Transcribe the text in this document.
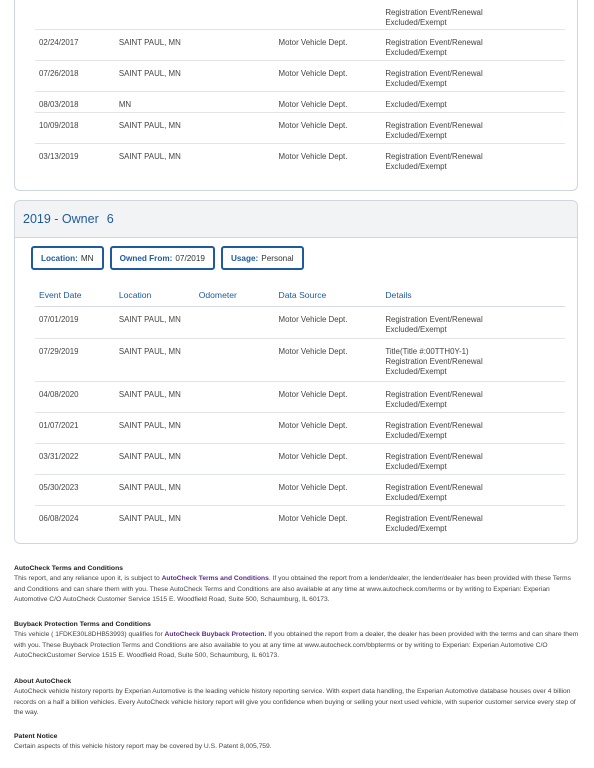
Registration Event/Renewal
Excluded/Exempt
02/24/2017	SAINT PAUL, MN	Motor Vehicle Dept.	Registration Event/Renewal
Excluded/Exempt
07/26/2018	SAINT PAUL, MN	Motor Vehicle Dept.	Registration Event/Renewal
Excluded/Exempt
08/03/2018	MN	Motor Vehicle Dept.	Excluded/Exempt
10/09/2018	SAINT PAUL, MN	Motor Vehicle Dept.	Registration Event/Renewal
Excluded/Exempt
03/13/2019	SAINT PAUL, MN	Motor Vehicle Dept.	Registration Event/Renewal
Excluded/Exempt
2019 - Owner 6
Location: MN	Owned From: 07/2019	Usage: Personal
Event Date	Location	Odometer	Data Source	Details
07/01/2019	SAINT PAUL, MN	Motor Vehicle Dept.	Registration Event/Renewal
Excluded/Exempt
07/29/2019	SAINT PAUL, MN	Motor Vehicle Dept.	Title(Title #:00TTH0Y-1)
Registration Event/Renewal
Excluded/Exempt
04/08/2020	SAINT PAUL, MN	Motor Vehicle Dept.	Registration Event/Renewal
Excluded/Exempt
01/07/2021	SAINT PAUL, MN	Motor Vehicle Dept.	Registration Event/Renewal
Excluded/Exempt
03/31/2022	SAINT PAUL, MN	Motor Vehicle Dept.	Registration Event/Renewal
Excluded/Exempt
05/30/2023	SAINT PAUL, MN	Motor Vehicle Dept.	Registration Event/Renewal
Excluded/Exempt
06/08/2024	SAINT PAUL, MN	Motor Vehicle Dept.	Registration Event/Renewal
Excluded/Exempt
AutoCheck Terms and Conditions

This report, and any reliance upon it, is subject to AutoCheck Terms and Conditions. If you obtained the report from a lender/dealer, the lender/dealer has been provided with these Terms and Conditions and can share them with you. These AutoCheck Terms and Conditions are also available at any time at www.autocheck.com/terms or by writing to Experian: Experian Automotive C/O AutoCheck Customer Service 1515 E. Woodfield Road, Suite 500, Schaumburg, IL 60173.

Buyback Protection Terms and Conditions

This vehicle ( 1FDKE30L8DHB53993) qualifies for AutoCheck Buyback Protection. If you obtained the report from a dealer, the dealer has been provided with the terms and can share them with you. These Buyback Protection Terms and Conditions are also available to you at any time at www.autocheck.com/bbpterms or by writing to Experian: Experian Automotive C/O AutoCheckCustomer Service 1515 E. Woodfield Road, Suite 500, Schaumburg, IL 60173.

About AutoCheck

AutoCheck vehicle history reports by Experian Automotive is the leading vehicle history reporting service. With expert data handling, the Experian Automotive database houses over 4 billion records on a half a billion vehicles. Every AutoCheck vehicle history report will give you confidence when buying or selling your next used vehicle, with superior customer service every step of the way.

Patent Notice

Certain aspects of this vehicle history report may be covered by U.S. Patent 8,005,759.
